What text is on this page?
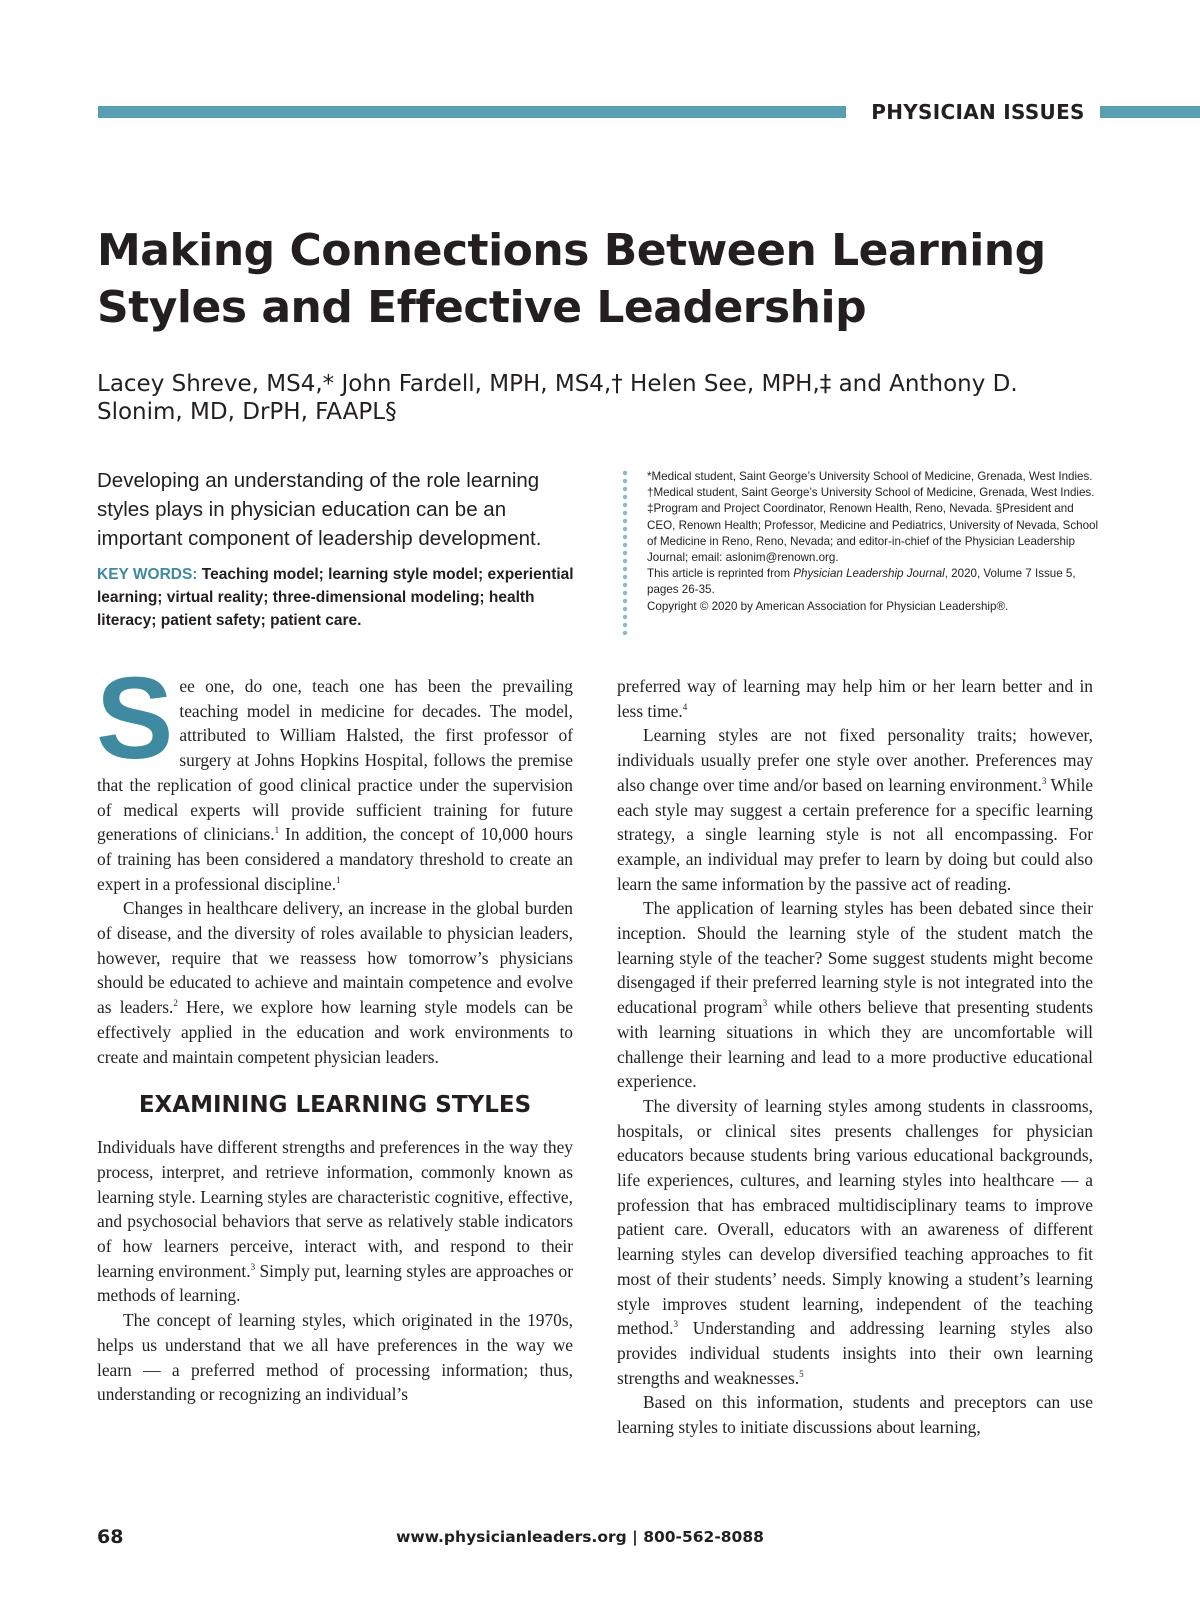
PHYSICIAN ISSUES
Making Connections Between Learning Styles and Effective Leadership
Lacey Shreve, MS4,* John Fardell, MPH, MS4,† Helen See, MPH,‡ and Anthony D. Slonim, MD, DrPH, FAAPL§
Developing an understanding of the role learning styles plays in physician education can be an important component of leadership development.
KEY WORDS: Teaching model; learning style model; experiential learning; virtual reality; three-dimensional modeling; health literacy; patient safety; patient care.
*Medical student, Saint George’s University School of Medicine, Grenada, West Indies. †Medical student, Saint George’s University School of Medicine, Grenada, West Indies. ‡Program and Project Coordinator, Renown Health, Reno, Nevada. §President and CEO, Renown Health; Professor, Medicine and Pediatrics, University of Nevada, School of Medicine in Reno, Reno, Nevada; and editor-in-chief of the Physician Leadership Journal; email: aslonim@renown.org.
This article is reprinted from Physician Leadership Journal, 2020, Volume 7 Issue 5, pages 26-35.
Copyright © 2020 by American Association for Physician Leadership®.

See one, do one, teach one has been the prevailing teaching model in medicine for decades. The model, attributed to William Halsted, the first professor of surgery at Johns Hopkins Hospital, follows the premise that the replication of good clinical practice under the supervision of medical experts will provide sufficient training for future generations of clinicians.$^1$ In addition, the concept of 10,000 hours of training has been considered a mandatory threshold to create an expert in a professional discipline.$^1$

Changes in healthcare delivery, an increase in the global burden of disease, and the diversity of roles available to physician leaders, however, require that we reassess how tomorrow’s physicians should be educated to achieve and maintain competence and evolve as leaders.$^2$ Here, we explore how learning style models can be effectively applied in the education and work environments to create and maintain competent physician leaders.

EXAMINING LEARNING STYLES

Individuals have different strengths and preferences in the way they process, interpret, and retrieve information, commonly known as learning style. Learning styles are characteristic cognitive, effective, and psychosocial behaviors that serve as relatively stable indicators of how learners perceive, interact with, and respond to their learning environment.$^3$ Simply put, learning styles are approaches or methods of learning.

The concept of learning styles, which originated in the 1970s, helps us understand that we all have preferences in the way we learn — a preferred method of processing information; thus, understanding or recognizing an individual’s

preferred way of learning may help him or her learn better and in less time.$^4$

Learning styles are not fixed personality traits; however, individuals usually prefer one style over another. Preferences may also change over time and/or based on learning environment.$^3$ While each style may suggest a certain preference for a specific learning strategy, a single learning style is not all encompassing. For example, an individual may prefer to learn by doing but could also learn the same information by the passive act of reading.

The application of learning styles has been debated since their inception. Should the learning style of the student match the learning style of the teacher? Some suggest students might become disengaged if their preferred learning style is not integrated into the educational program$^3$ while others believe that presenting students with learning situations in which they are uncomfortable will challenge their learning and lead to a more productive educational experience.

The diversity of learning styles among students in classrooms, hospitals, or clinical sites presents challenges for physician educators because students bring various educational backgrounds, life experiences, cultures, and learning styles into healthcare — a profession that has embraced multidisciplinary teams to improve patient care. Overall, educators with an awareness of different learning styles can develop diversified teaching approaches to fit most of their students’ needs. Simply knowing a student’s learning style improves student learning, independent of the teaching method.$^3$ Understanding and addressing learning styles also provides individual students insights into their own learning strengths and weaknesses.$^5$

Based on this information, students and preceptors can use learning styles to initiate discussions about learning,

68	www.physicianleaders.org | 800-562-8088
